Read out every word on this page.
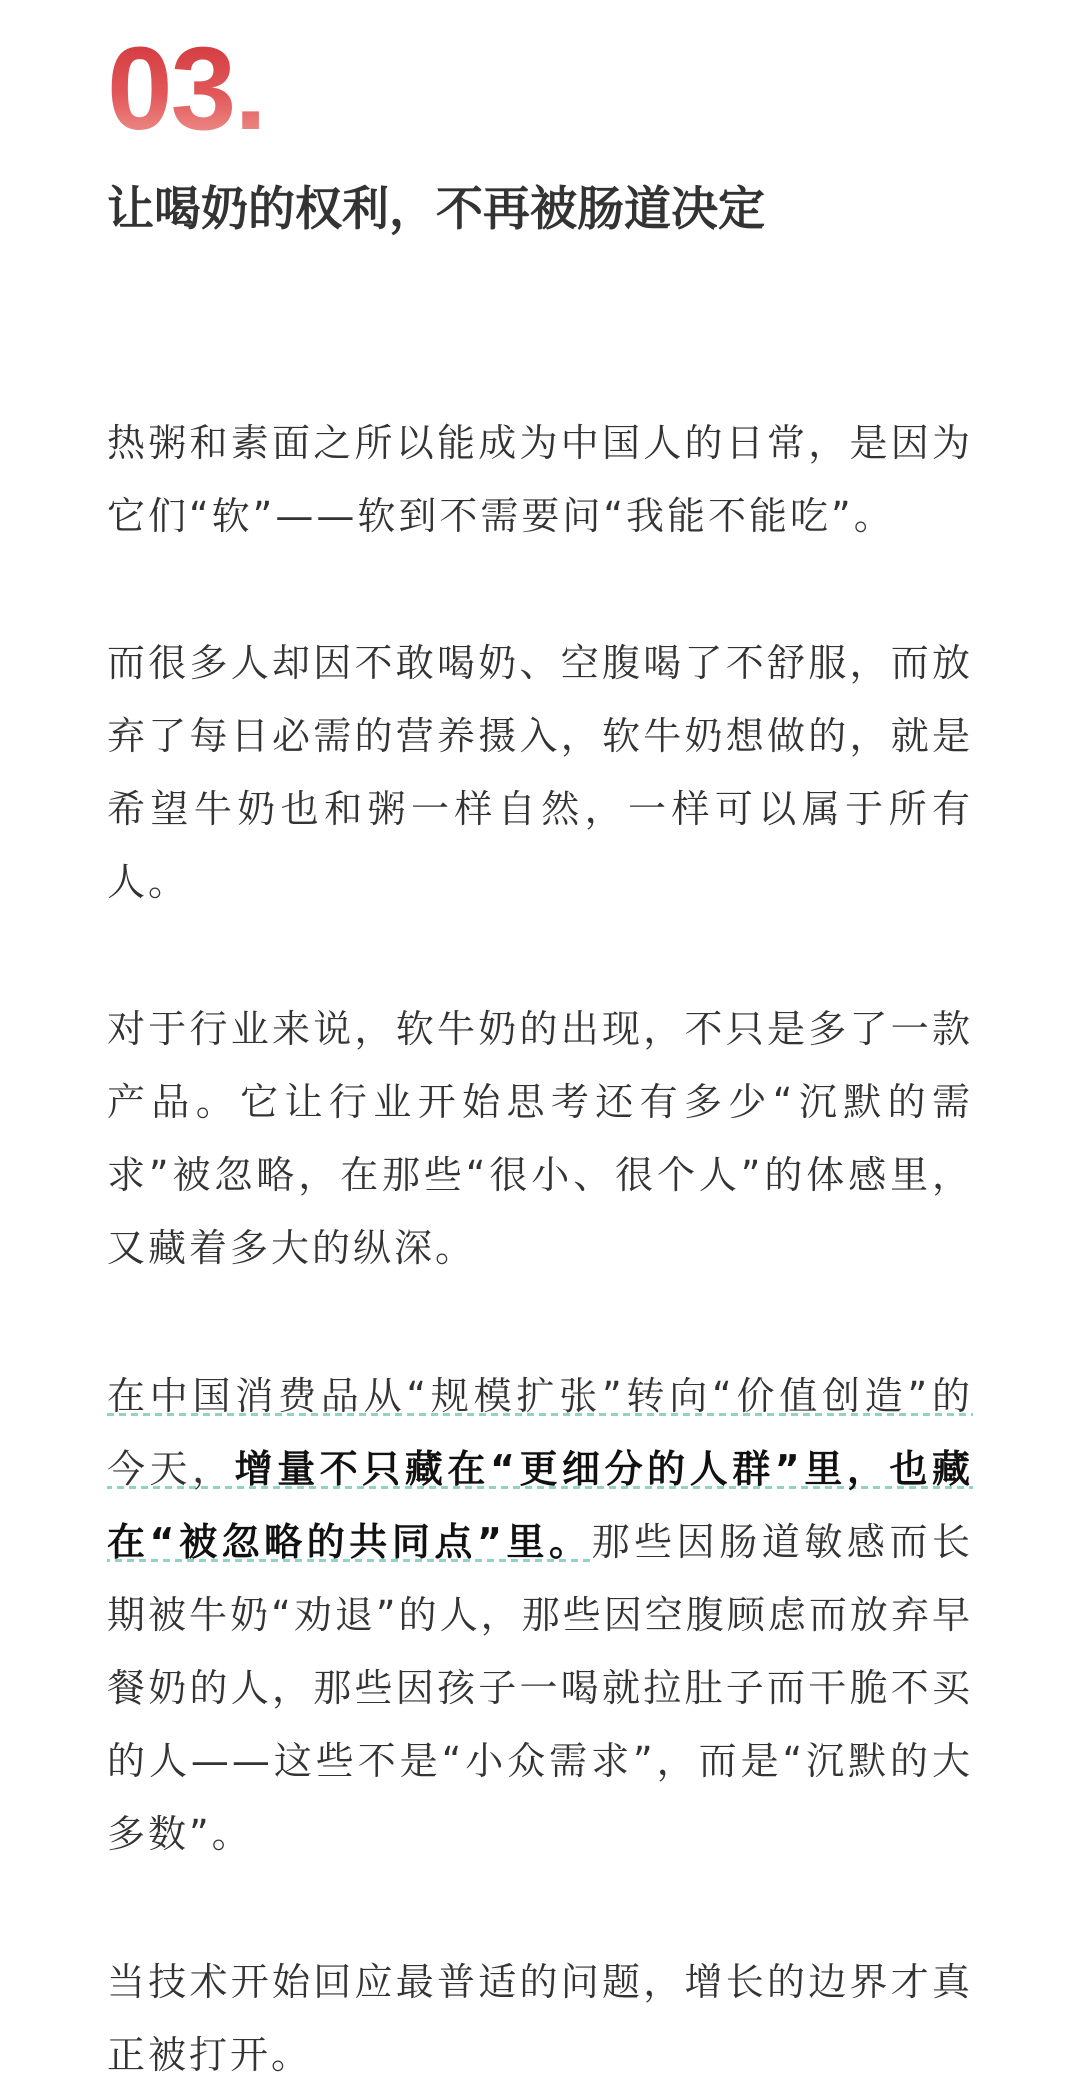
03.
让喝奶的权利，不再被肠道决定

热粥和素面之所以能成为中国人的日常，是因为它们“软”——软到不需要问“我能不能吃”。

而很多人却因不敢喝奶、空腹喝了不舒服，而放弃了每日必需的营养摄入，软牛奶想做的，就是希望牛奶也和粥一样自然，一样可以属于所有人。

对于行业来说，软牛奶的出现，不只是多了一款产品。它让行业开始思考还有多少“沉默的需求”被忽略，在那些“很小、很个人”的体感里，又藏着多大的纵深。

在中国消费品从“规模扩张”转向“价值创造”的今天，增量不只藏在“更细分的人群”里，也藏在“被忽略的共同点”里。那些因肠道敏感而长期被牛奶“劝退”的人，那些因空腹顾虑而放弃早餐奶的人，那些因孩子一喝就拉肚子而干脆不买的人——这些不是“小众需求”，而是“沉默的大多数”。

当技术开始回应最普适的问题，增长的边界才真正被打开。
